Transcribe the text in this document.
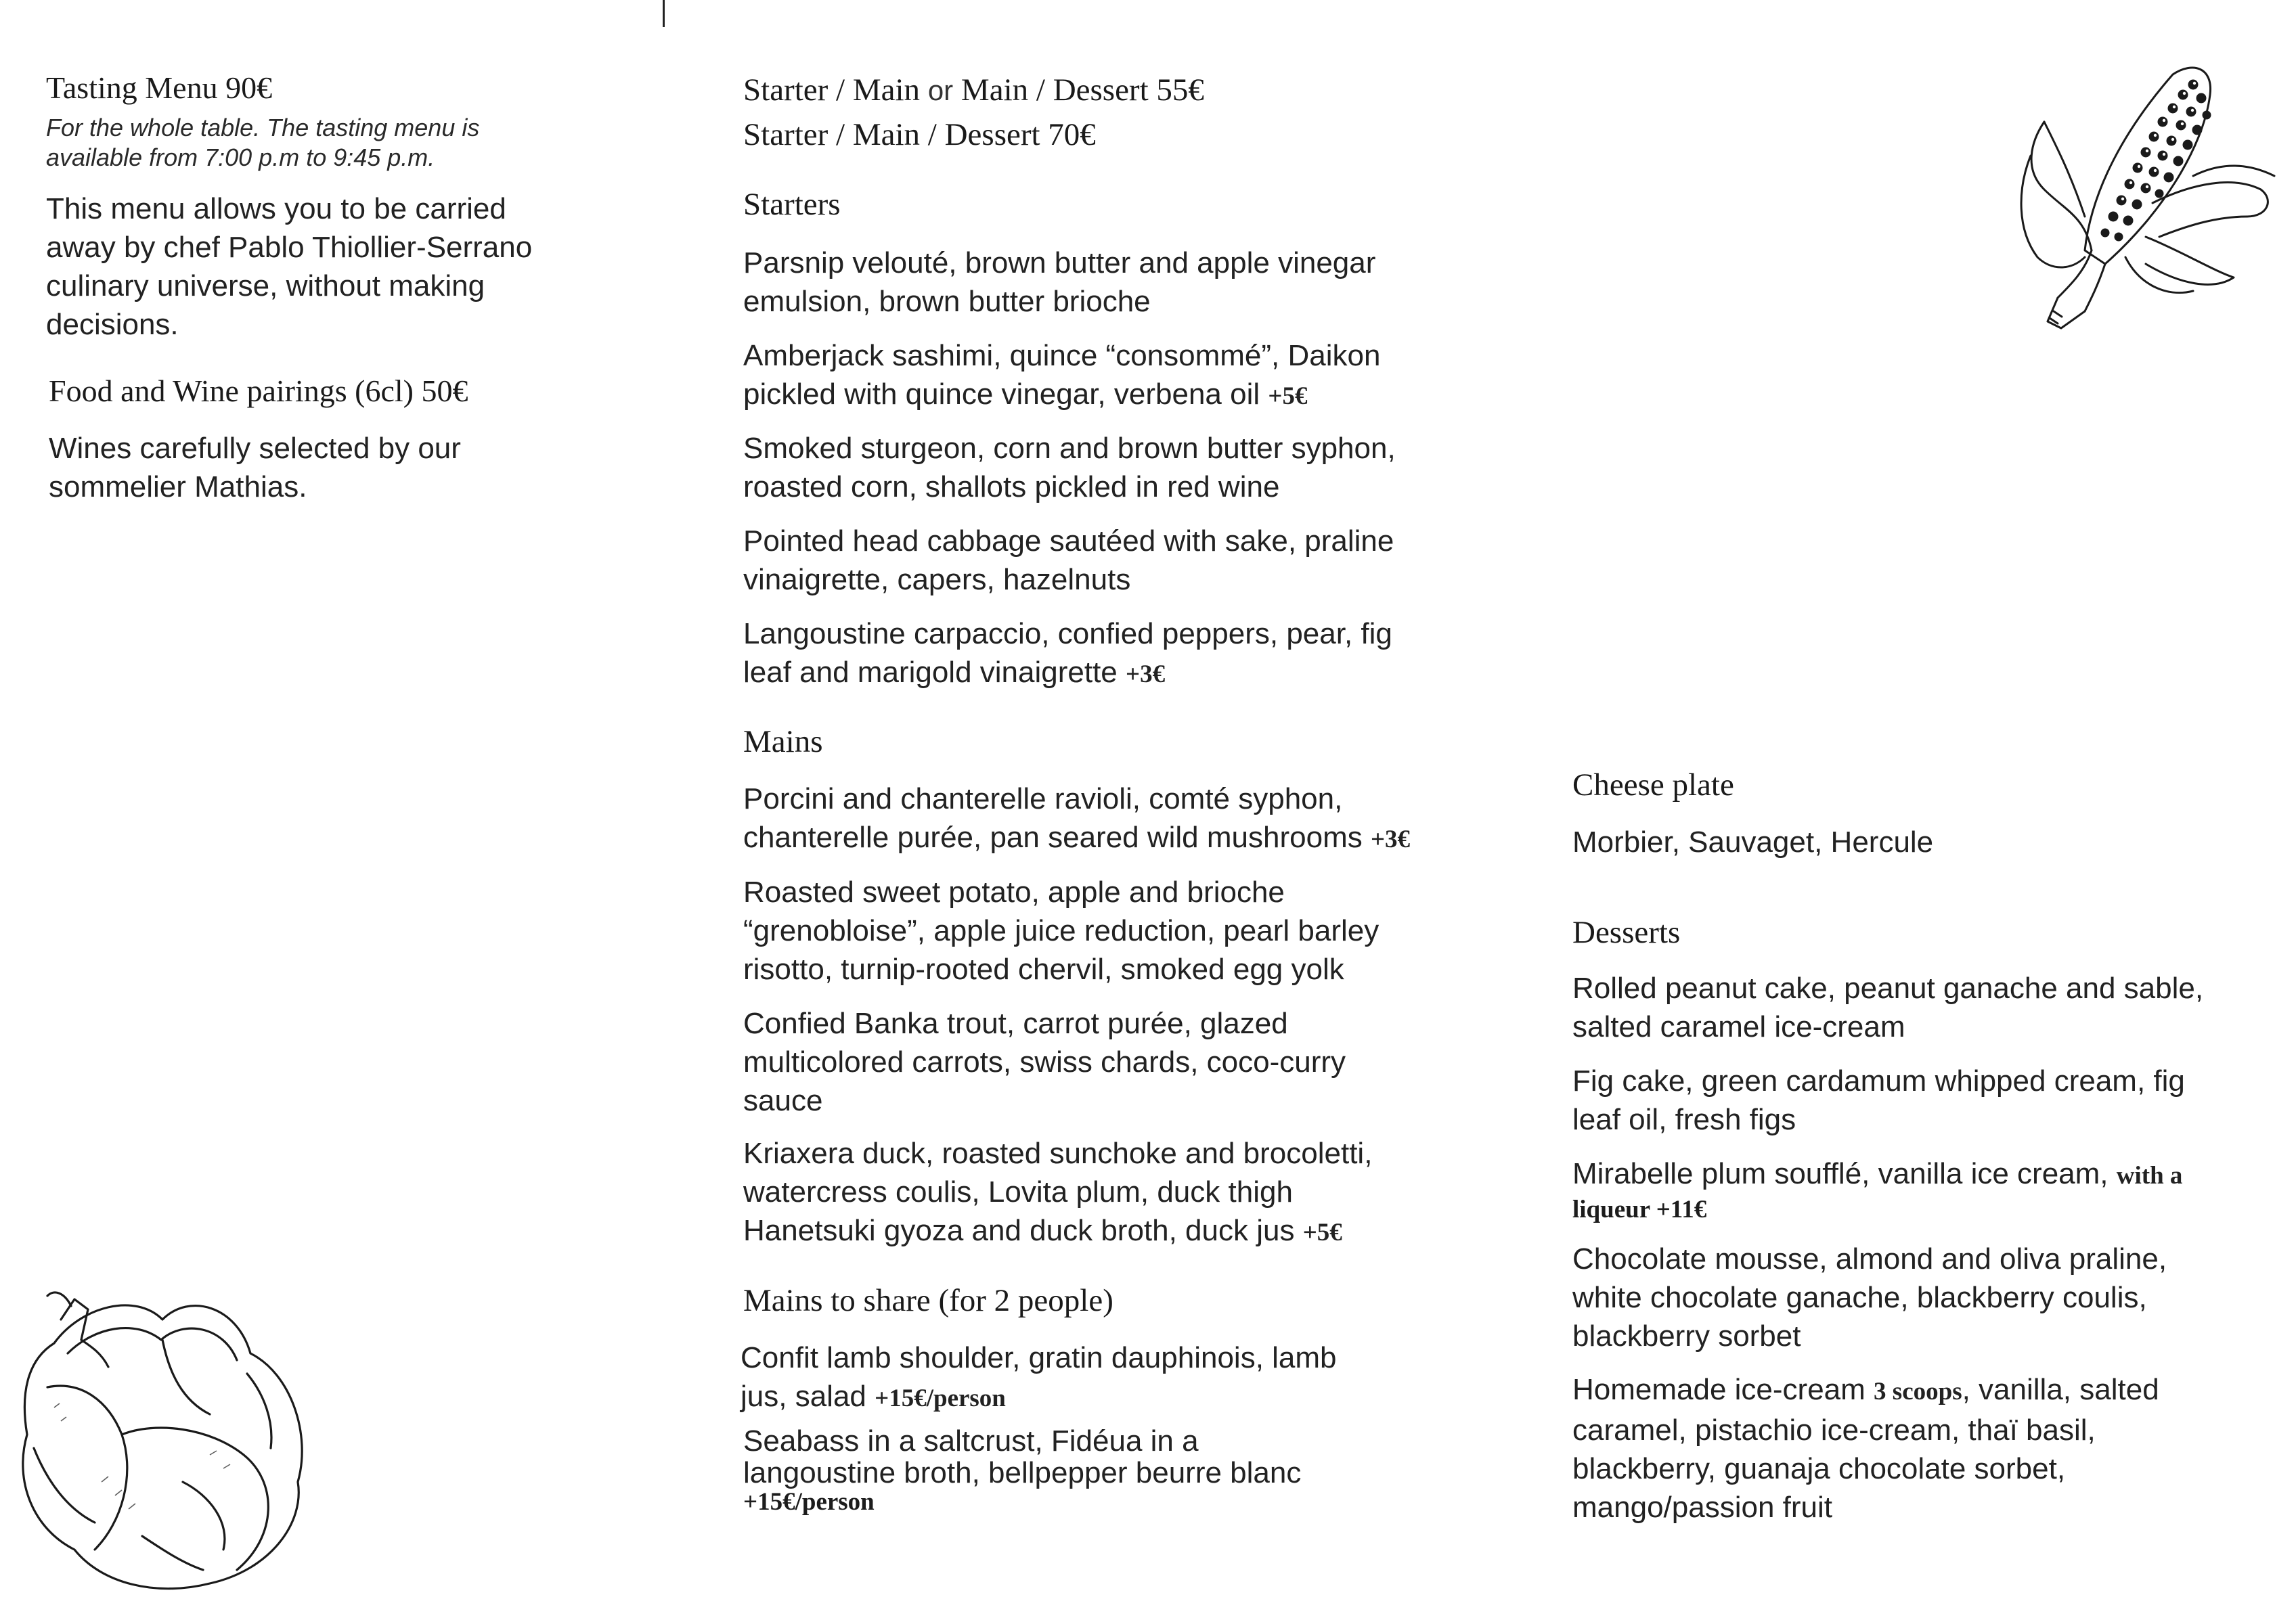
Tasting Menu 90€
For the whole table. The tasting menu is
available from 7:00 p.m to 9:45 p.m.
This menu allows you to be carried
away by chef Pablo Thiollier-Serrano
culinary universe, without making
decisions.
Food and Wine pairings (6cl) 50€
Wines carefully selected by our
sommelier Mathias.
Starter / Main or Main / Dessert 55€
Starter / Main / Dessert 70€
Starters
Parsnip velouté, brown butter and apple vinegar
emulsion, brown butter brioche
Amberjack sashimi, quince “consommé”, Daikon
pickled with quince vinegar, verbena oil +5€
Smoked sturgeon, corn and brown butter syphon,
roasted corn, shallots pickled in red wine
Pointed head cabbage sautéed with sake, praline
vinaigrette, capers, hazelnuts
Langoustine carpaccio, confied peppers, pear, fig
leaf and marigold vinaigrette +3€
Mains
Porcini and chanterelle ravioli, comté syphon,
chanterelle purée, pan seared wild mushrooms +3€
Roasted sweet potato, apple and brioche
“grenobloise”, apple juice reduction, pearl barley
risotto, turnip-rooted chervil, smoked egg yolk
Confied Banka trout, carrot purée, glazed
multicolored carrots, swiss chards, coco-curry
sauce
Kriaxera duck, roasted sunchoke and brocoletti,
watercress coulis, Lovita plum, duck thigh
Hanetsuki gyoza and duck broth, duck jus +5€
Mains to share (for 2 people)
Confit lamb shoulder, gratin dauphinois, lamb
jus, salad +15€/person
Seabass in a saltcrust, Fidéua in a
langoustine broth, bellpepper beurre blanc
+15€/person
Cheese plate
Morbier, Sauvaget, Hercule
Desserts
Rolled peanut cake, peanut ganache and sable,
salted caramel ice-cream
Fig cake, green cardamum whipped cream, fig
leaf oil, fresh figs
Mirabelle plum soufflé, vanilla ice cream, with a
liqueur +11€
Chocolate mousse, almond and oliva praline,
white chocolate ganache, blackberry coulis,
blackberry sorbet
Homemade ice-cream 3 scoops, vanilla, salted
caramel, pistachio ice-cream, thaï basil,
blackberry, guanaja chocolate sorbet,
mango/passion fruit
